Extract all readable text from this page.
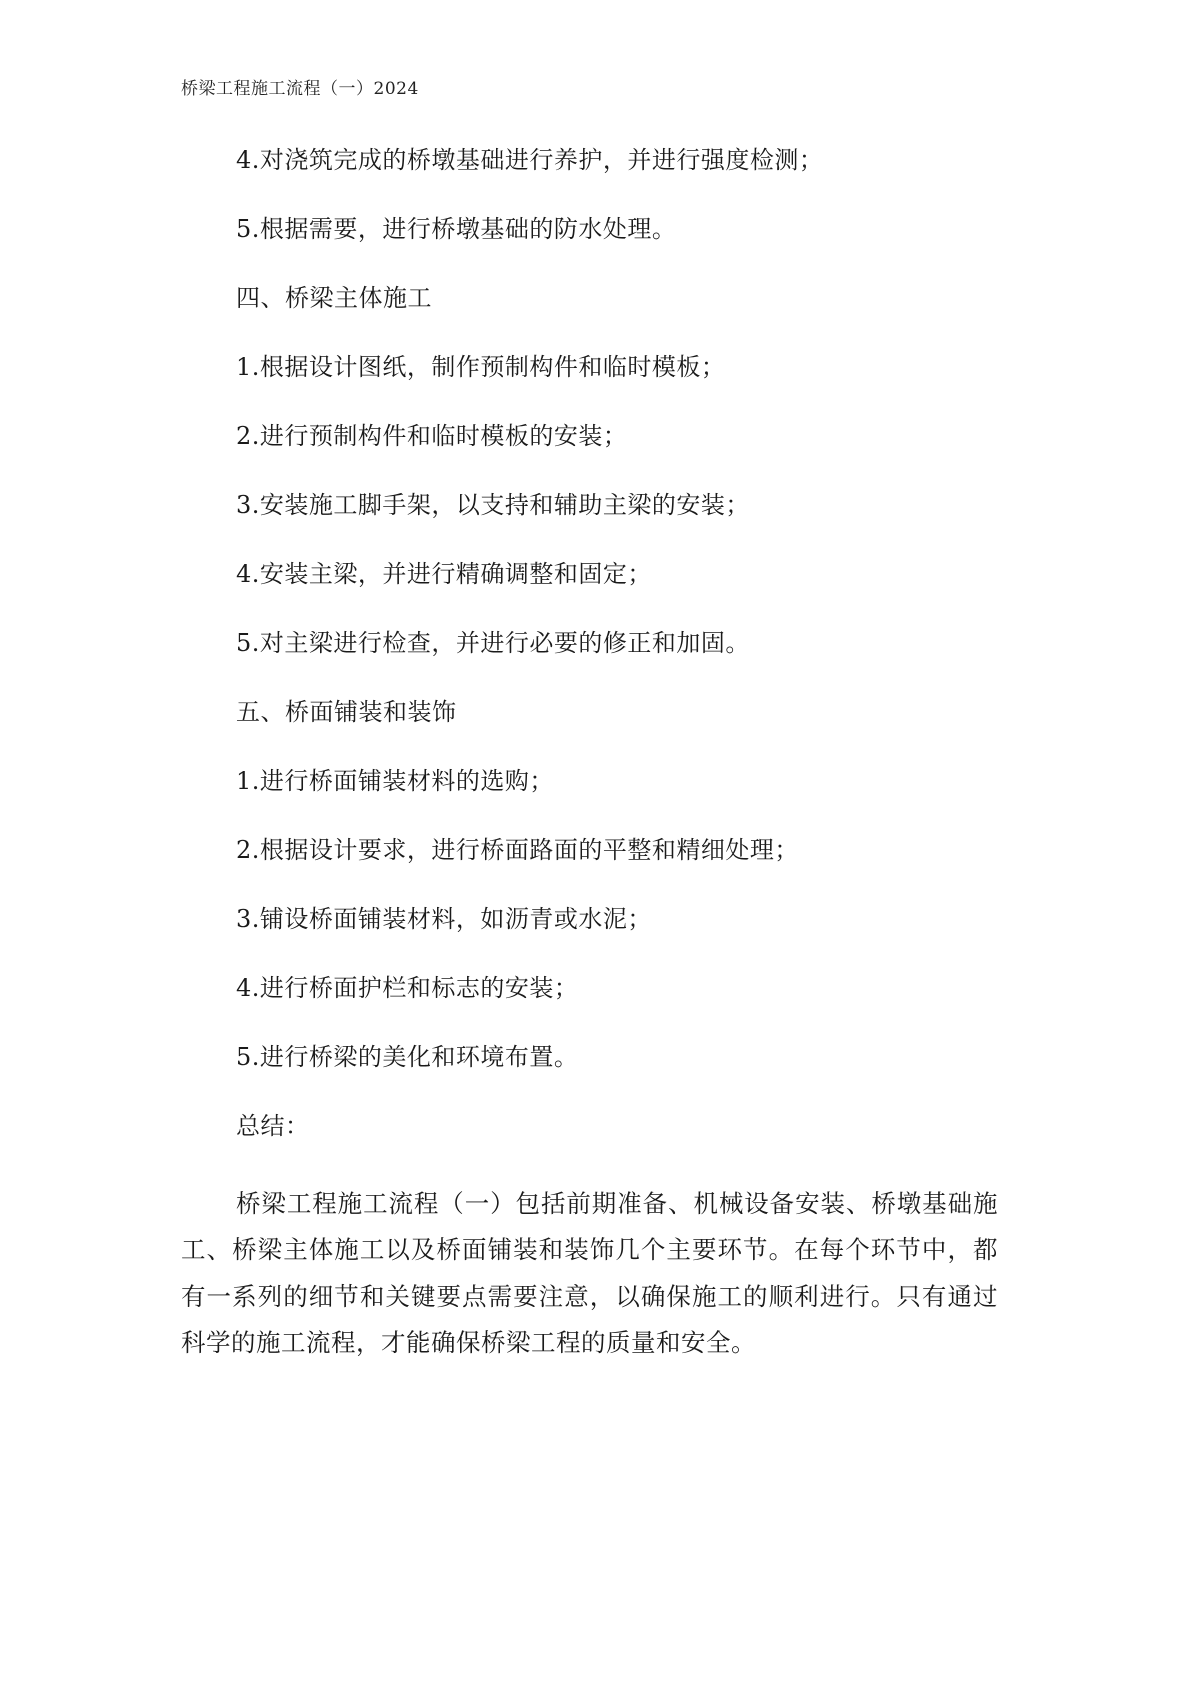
桥梁工程施工流程（一）2024
4.对浇筑完成的桥墩基础进行养护，并进行强度检测；
5.根据需要，进行桥墩基础的防水处理。
四、桥梁主体施工
1.根据设计图纸，制作预制构件和临时模板；
2.进行预制构件和临时模板的安装；
3.安装施工脚手架，以支持和辅助主梁的安装；
4.安装主梁，并进行精确调整和固定；
5.对主梁进行检查，并进行必要的修正和加固。
五、桥面铺装和装饰
1.进行桥面铺装材料的选购；
2.根据设计要求，进行桥面路面的平整和精细处理；
3.铺设桥面铺装材料，如沥青或水泥；
4.进行桥面护栏和标志的安装；
5.进行桥梁的美化和环境布置。
总结：

桥梁工程施工流程（一）包括前期准备、机械设备安装、桥墩基础施工、桥梁主体施工以及桥面铺装和装饰几个主要环节。在每个环节中，都有一系列的细节和关键要点需要注意，以确保施工的顺利进行。只有通过科学的施工流程，才能确保桥梁工程的质量和安全。
